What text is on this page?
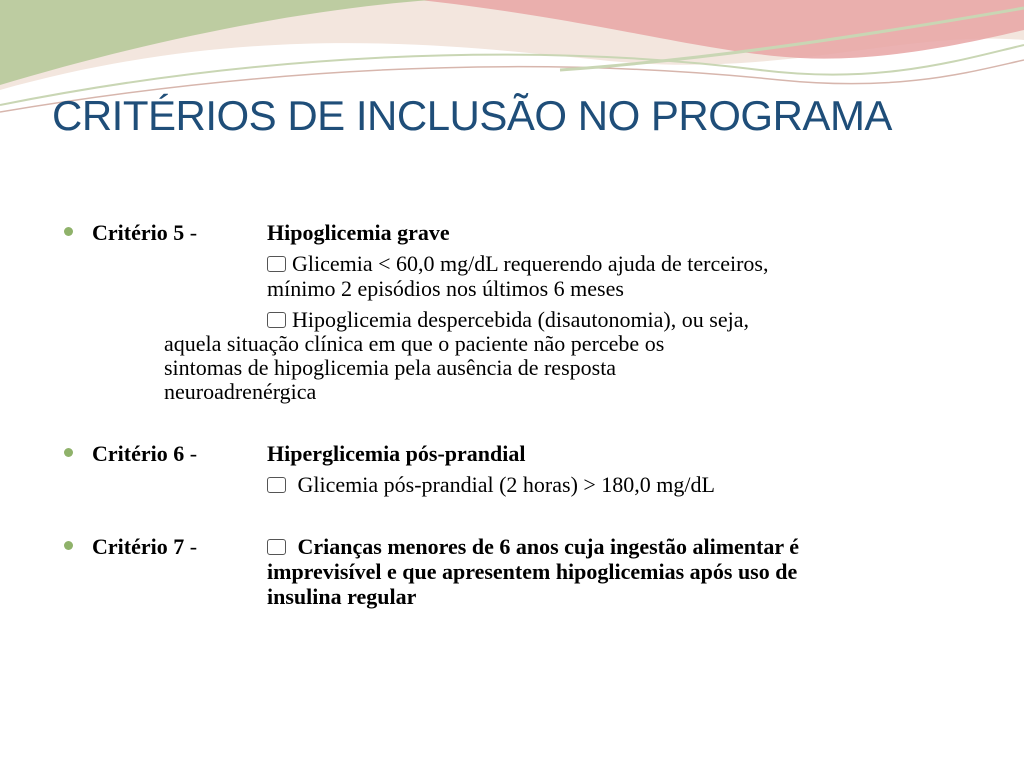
CRITÉRIOS DE INCLUSÃO NO PROGRAMA
Critério 5 -	Hipoglicemia grave
Glicemia < 60,0 mg/dL requerendo ajuda de terceiros,
mínimo 2 episódios nos últimos 6 meses
Hipoglicemia despercebida (disautonomia), ou seja,
aquela situação clínica em que o paciente não percebe os
sintomas de hipoglicemia pela ausência de resposta
neuroadrenérgica
Critério 6 -	Hiperglicemia pós-prandial
Glicemia pós-prandial (2 horas) > 180,0 mg/dL
Critério 7 -	Crianças menores de 6 anos cuja ingestão alimentar é
imprevisível e que apresentem hipoglicemias após uso de
insulina regular
